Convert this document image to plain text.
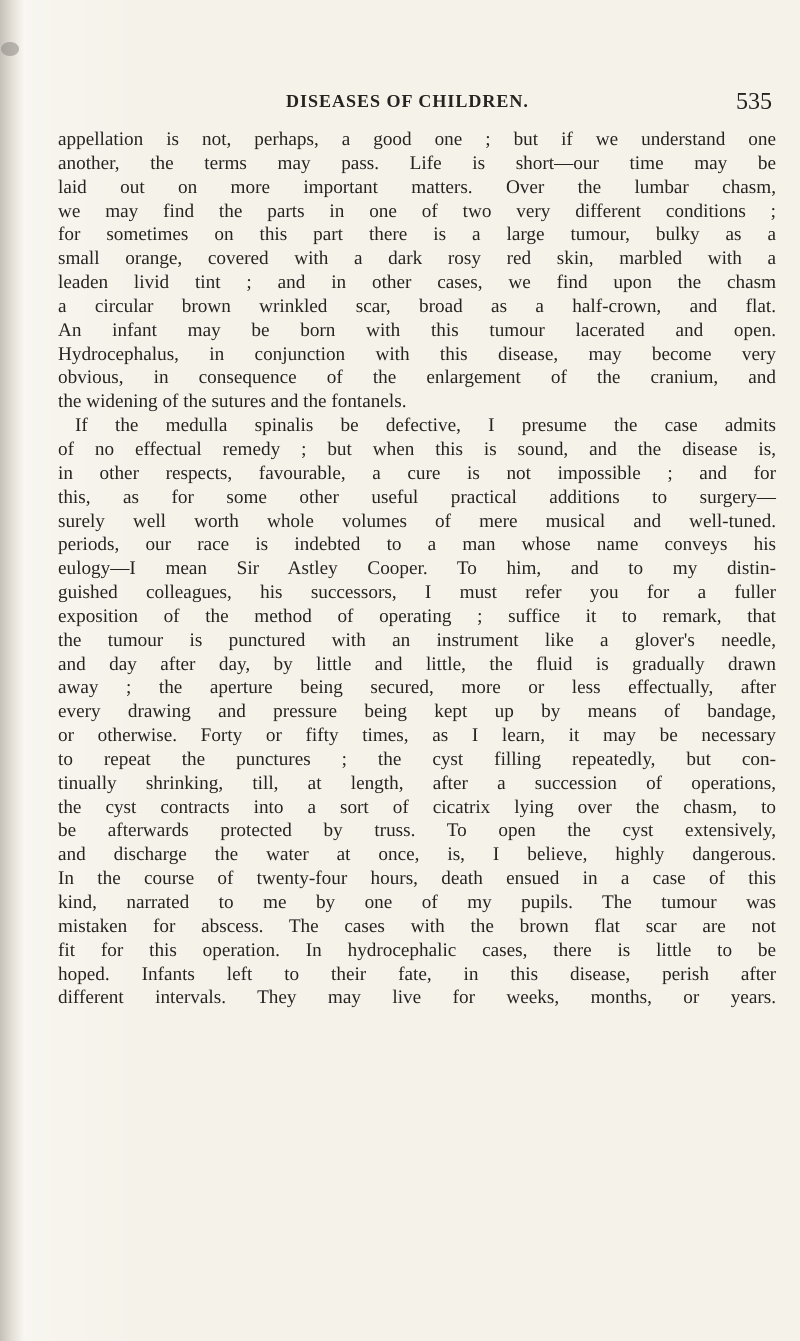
DISEASES OF CHILDREN.	535
appellation is not, perhaps, a good one ; but if we understand one
another, the terms may pass. Life is short—our time may be
laid out on more important matters. Over the lumbar chasm,
we may find the parts in one of two very different conditions ;
for sometimes on this part there is a large tumour, bulky as a
small orange, covered with a dark rosy red skin, marbled with a
leaden livid tint ; and in other cases, we find upon the chasm
a circular brown wrinkled scar, broad as a half-crown, and flat.
An infant may be born with this tumour lacerated and open.
Hydrocephalus, in conjunction with this disease, may become very
obvious, in consequence of the enlargement of the cranium, and
the widening of the sutures and the fontanels.
If the medulla spinalis be defective, I presume the case admits
of no effectual remedy ; but when this is sound, and the disease is,
in other respects, favourable, a cure is not impossible ; and for
this, as for some other useful practical additions to surgery—
surely well worth whole volumes of mere musical and well-tuned.
periods, our race is indebted to a man whose name conveys his
eulogy—I mean Sir Astley Cooper. To him, and to my distin-
guished colleagues, his successors, I must refer you for a fuller
exposition of the method of operating ; suffice it to remark, that
the tumour is punctured with an instrument like a glover's needle,
and day after day, by little and little, the fluid is gradually drawn
away ; the aperture being secured, more or less effectually, after
every drawing and pressure being kept up by means of bandage,
or otherwise. Forty or fifty times, as I learn, it may be necessary
to repeat the punctures ; the cyst filling repeatedly, but con-
tinually shrinking, till, at length, after a succession of operations,
the cyst contracts into a sort of cicatrix lying over the chasm, to
be afterwards protected by truss. To open the cyst extensively,
and discharge the water at once, is, I believe, highly dangerous.
In the course of twenty-four hours, death ensued in a case of this
kind, narrated to me by one of my pupils. The tumour was
mistaken for abscess. The cases with the brown flat scar are not
fit for this operation. In hydrocephalic cases, there is little to be
hoped. Infants left to their fate, in this disease, perish after
different intervals. They may live for weeks, months, or years.
